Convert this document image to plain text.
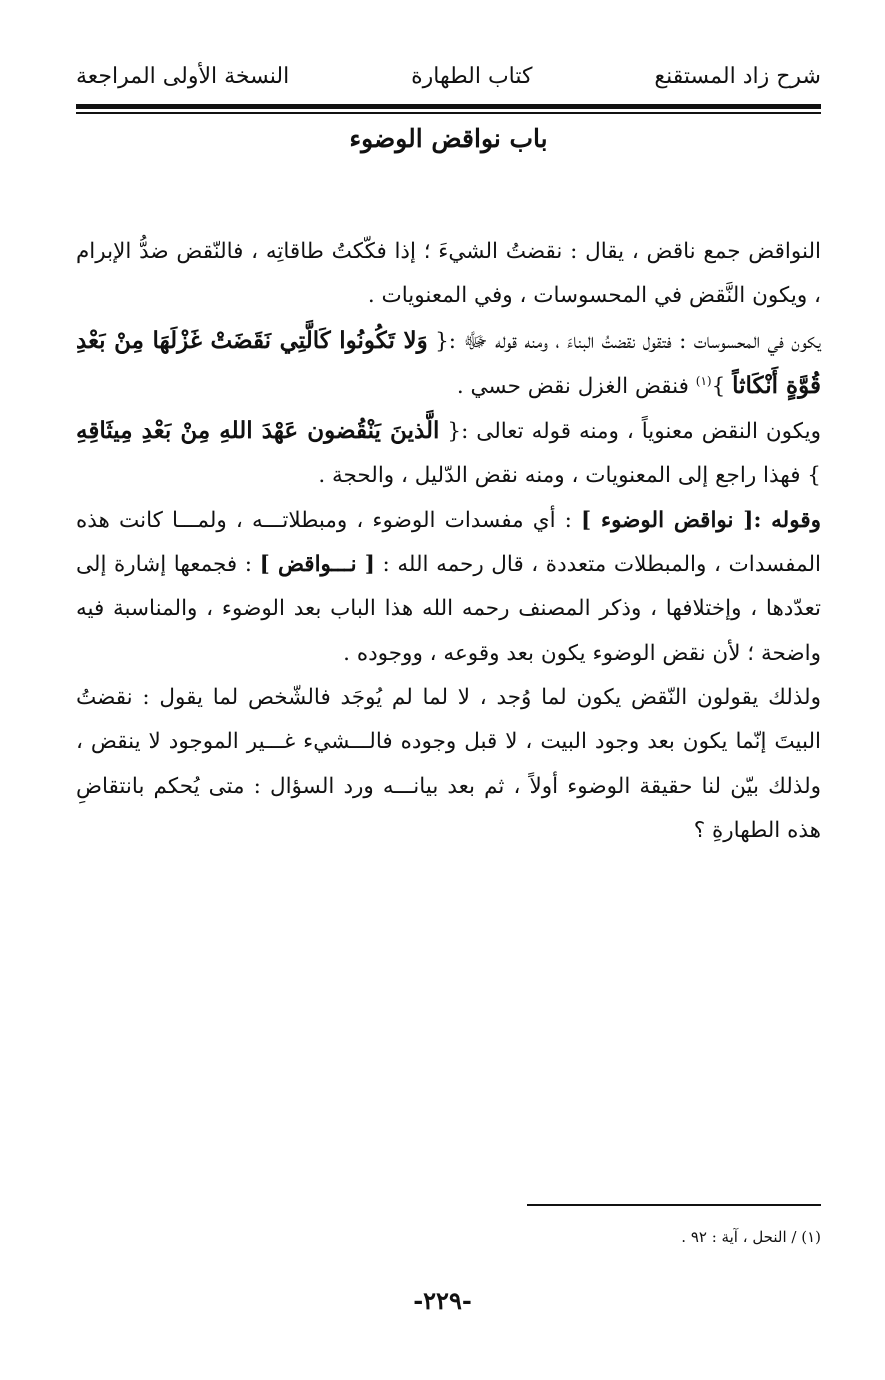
شرح زاد المستقنع
كتاب الطهارة
النسخة الأولى المراجعة
باب نواقض الوضوء

النواقض جمع ناقض ، يقال : نقضتُ الشيءَ ؛ إذا فكّكتُ طاقاتِه ، فالنّقض ضدُّ الإبرام ، ويكون النَّقض في المحسوسات ، وفي المعنويات .

يكون في المحسوسات : فتقول نقضتُ البناءَ ، ومنه قوله ﷻ :{ وَلا تَكُونُوا كَالَّتِي نَقَضَتْ غَزْلَهَا مِنْ بَعْدِ قُوَّةٍ أَنْكَاثاً }$^{(١)}$ فنقض الغزل نقض حسي .

ويكون النقض معنوياً ، ومنه قوله تعالى :{ الَّذينَ يَنْقُضون عَهْدَ اللهِ مِنْ بَعْدِ مِيثَاقِهِ } فهذا راجع إلى المعنويات ، ومنه نقض الدّليل ، والحجة .

وقوله :[ نواقض الوضوء ] : أي مفسدات الوضوء ، ومبطلاتـــه ، ولمـــا كانت هذه المفسدات ، والمبطلات متعددة ، قال رحمه الله : [ نـــواقض ] : فجمعها إشارة إلى تعدّدها ، وإختلافها ، وذكر المصنف رحمه الله هذا الباب بعد الوضوء ، والمناسبة فيه واضحة ؛ لأن نقض الوضوء يكون بعد وقوعه ، ووجوده .

ولذلك يقولون النّقض يكون لما وُجد ، لا لما لم يُوجَد فالشّخص لما يقول : نقضتُ البيتَ إنّما يكون بعد وجود البيت ، لا قبل وجوده فالـــشيء غـــير الموجود لا ينقض ، ولذلك بيّن لنا حقيقة الوضوء أولاً ، ثم بعد بيانـــه ورد السؤال : متى يُحكم بانتقاضِ هذه الطهارةِ ؟

(١) / النحل ، آية : ٩٢ .
-٢٢٩-
